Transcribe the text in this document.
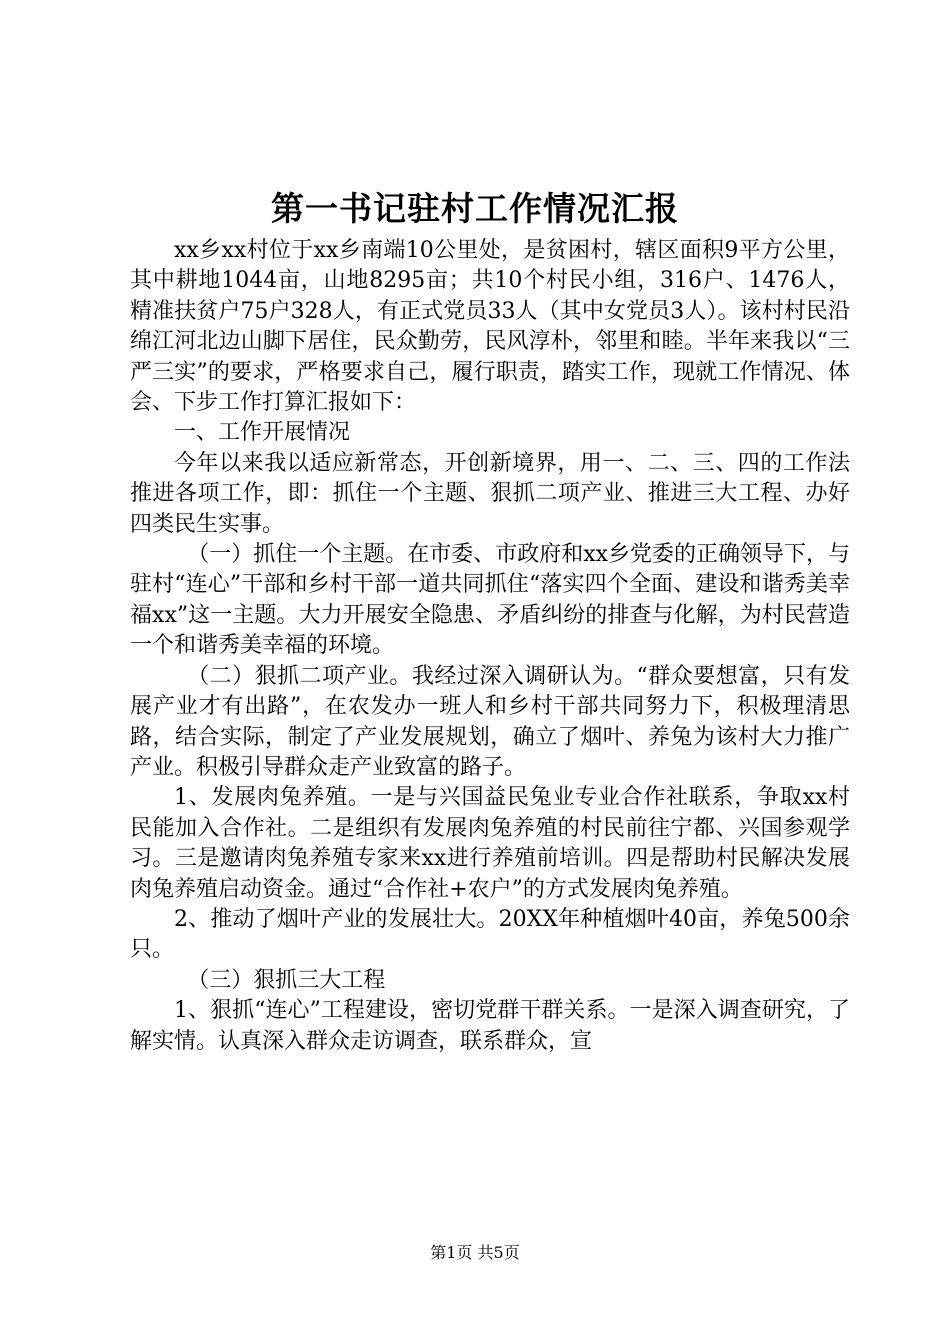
第一书记驻村工作情况汇报

xx乡xx村位于xx乡南端10公里处，是贫困村，辖区面积9平方公里，其中耕地1044亩，山地8295亩；共10个村民小组，316户、1476人，精准扶贫户75户328人，有正式党员33人（其中女党员3人）。该村村民沿绵江河北边山脚下居住，民众勤劳，民风淳朴，邻里和睦。半年来我以“三严三实”的要求，严格要求自己，履行职责，踏实工作，现就工作情况、体会、下步工作打算汇报如下：

一、工作开展情况

今年以来我以适应新常态，开创新境界，用一、二、三、四的工作法推进各项工作，即：抓住一个主题、狠抓二项产业、推进三大工程、办好四类民生实事。

（一）抓住一个主题。在市委、市政府和xx乡党委的正确领导下，与驻村“连心”干部和乡村干部一道共同抓住“落实四个全面、建设和谐秀美幸福xx”这一主题。大力开展安全隐患、矛盾纠纷的排查与化解，为村民营造一个和谐秀美幸福的环境。

（二）狠抓二项产业。我经过深入调研认为。“群众要想富，只有发展产业才有出路”，在农发办一班人和乡村干部共同努力下，积极理清思路，结合实际，制定了产业发展规划，确立了烟叶、养兔为该村大力推广产业。积极引导群众走产业致富的路子。

1、发展肉兔养殖。一是与兴国益民兔业专业合作社联系，争取xx村民能加入合作社。二是组织有发展肉兔养殖的村民前往宁都、兴国参观学习。三是邀请肉兔养殖专家来xx进行养殖前培训。四是帮助村民解决发展肉兔养殖启动资金。通过“合作社+农户”的方式发展肉兔养殖。

2、推动了烟叶产业的发展壮大。20XX年种植烟叶40亩，养兔500余只。

（三）狠抓三大工程

1、狠抓“连心”工程建设，密切党群干群关系。一是深入调查研究，了解实情。认真深入群众走访调查，联系群众，宣

第1页 共5页
